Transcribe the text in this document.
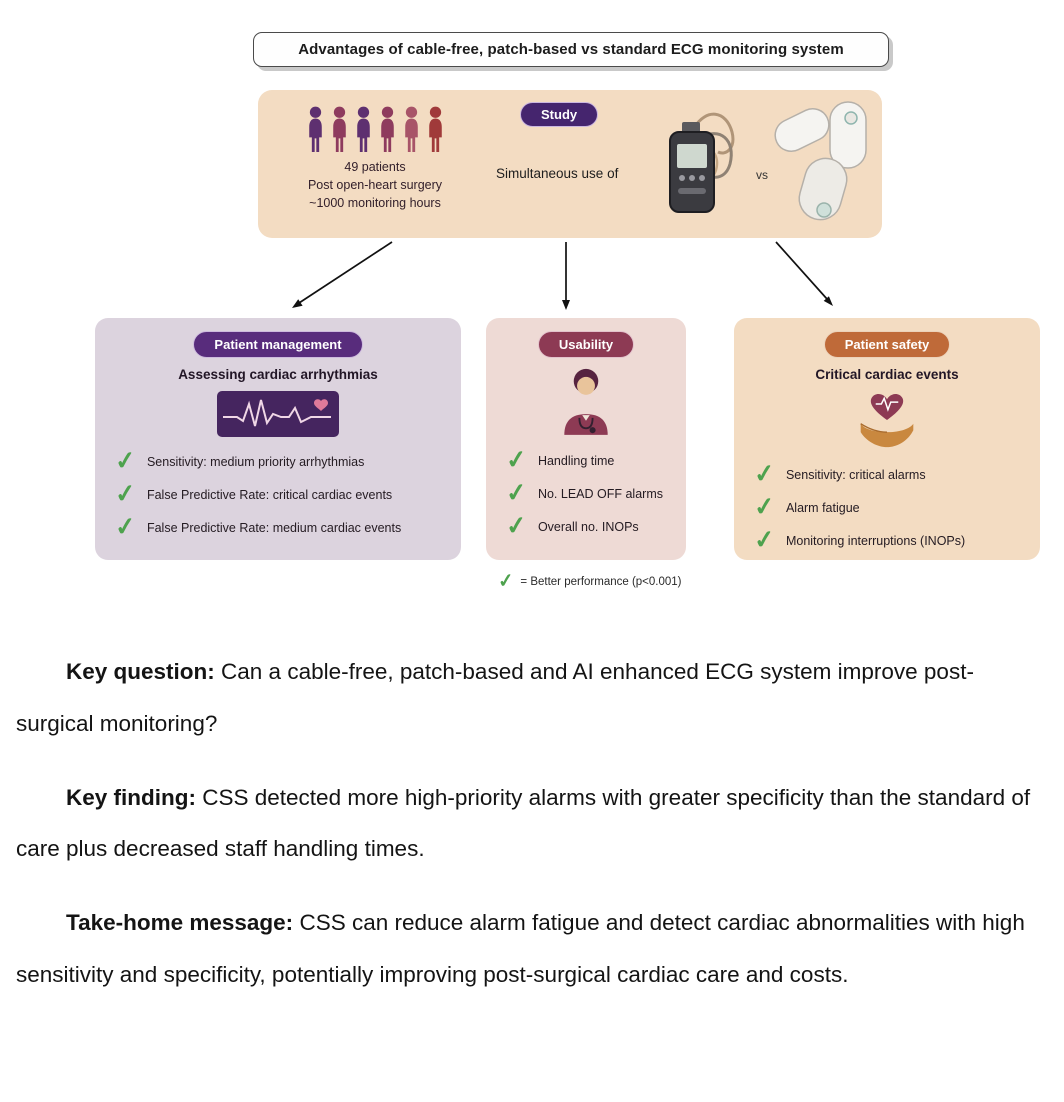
Advantages of cable-free, patch-based vs standard ECG monitoring system
49 patients
Post open-heart surgery
~1000 monitoring hours
Study
Simultaneous use of	vs
Patient management
Assessing cardiac arrhythmias
✓ Sensitivity: medium priority arrhythmias
✓ False Predictive Rate: critical cardiac events
✓ False Predictive Rate: medium cardiac events
Usability
✓ Handling time
✓ No. LEAD OFF alarms
✓ Overall no. INOPs
Patient safety
Critical cardiac events
✓ Sensitivity: critical alarms
✓ Alarm fatigue
✓ Monitoring interruptions (INOPs)
✓ = Better performance (p<0.001)

Key question: Can a cable-free, patch-based and AI enhanced ECG system improve post-surgical monitoring?

Key finding: CSS detected more high-priority alarms with greater specificity than the standard of care plus decreased staff handling times.

Take-home message: CSS can reduce alarm fatigue and detect cardiac abnormalities with high sensitivity and specificity, potentially improving post-surgical cardiac care and costs.
